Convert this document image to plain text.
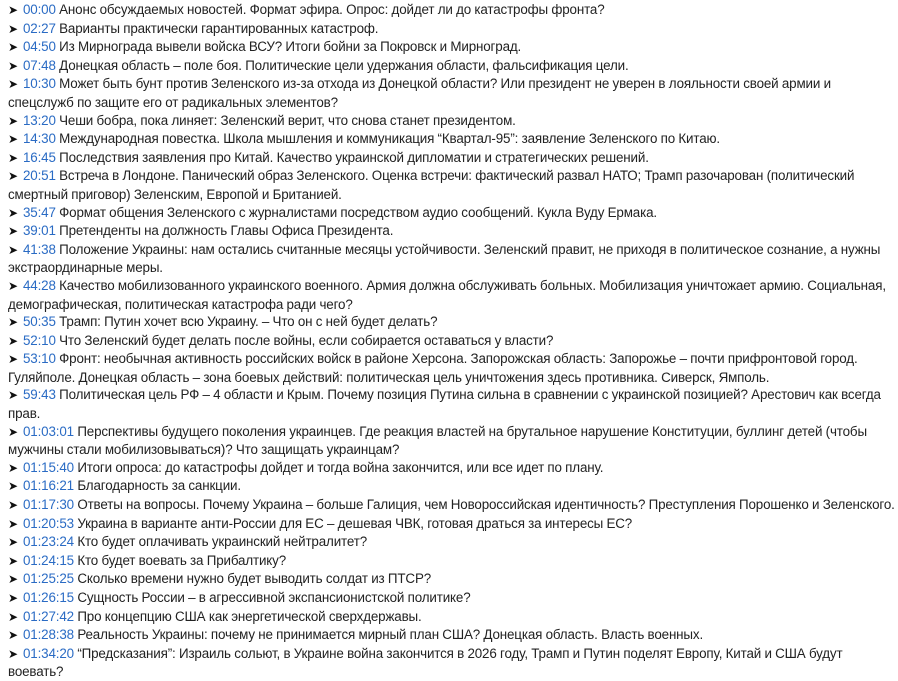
➤ 00:00 Анонс обсуждаемых новостей. Формат эфира. Опрос: дойдет ли до катастрофы фронта?

➤ 02:27 Варианты практически гарантированных катастроф.

➤ 04:50 Из Мирнограда вывели войска ВСУ? Итоги бойни за Покровск и Мирноград.

➤ 07:48 Донецкая область – поле боя. Политические цели удержания области, фальсификация цели.

➤ 10:30 Может быть бунт против Зеленского из-за отхода из Донецкой области? Или президент не уверен в лояльности своей армии и спецслужб по защите его от радикальных элементов?

➤ 13:20 Чеши бобра, пока линяет: Зеленский верит, что снова станет президентом.

➤ 14:30 Международная повестка. Школа мышления и коммуникация “Квартал-95”: заявление Зеленского по Китаю.

➤ 16:45 Последствия заявления про Китай. Качество украинской дипломатии и стратегических решений.

➤ 20:51 Встреча в Лондоне. Панический образ Зеленского. Оценка встречи: фактический развал НАТО; Трамп разочарован (политический смертный приговор) Зеленским, Европой и Британией.

➤ 35:47 Формат общения Зеленского с журналистами посредством аудио сообщений. Кукла Вуду Ермака.

➤ 39:01 Претенденты на должность Главы Офиса Президента.

➤ 41:38 Положение Украины: нам остались считанные месяцы устойчивости. Зеленский правит, не приходя в политическое сознание, а нужны экстраординарные меры.

➤ 44:28 Качество мобилизованного украинского военного. Армия должна обслуживать больных. Мобилизация уничтожает армию. Социальная, демографическая, политическая катастрофа ради чего?

➤ 50:35 Трамп: Путин хочет всю Украину. – Что он с ней будет делать?

➤ 52:10 Что Зеленский будет делать после войны, если собирается оставаться у власти?

➤ 53:10 Фронт: необычная активность российских войск в районе Херсона. Запорожская область: Запорожье – почти прифронтовой город. Гуляйполе. Донецкая область – зона боевых действий: политическая цель уничтожения здесь противника. Сиверск, Ямполь.

➤ 59:43 Политическая цель РФ – 4 области и Крым. Почему позиция Путина сильна в сравнении с украинской позицией? Арестович как всегда прав.

➤ 01:03:01 Перспективы будущего поколения украинцев. Где реакция властей на брутальное нарушение Конституции, буллинг детей (чтобы мужчины стали мобилизовываться)? Что защищать украинцам?

➤ 01:15:40 Итоги опроса: до катастрофы дойдет и тогда война закончится, или все идет по плану.

➤ 01:16:21 Благодарность за санкции.

➤ 01:17:30 Ответы на вопросы. Почему Украина – больше Галиция, чем Новороссийская идентичность? Преступления Порошенко и Зеленского.

➤ 01:20:53 Украина в варианте анти-России для ЕС – дешевая ЧВК, готовая драться за интересы ЕС?

➤ 01:23:24 Кто будет оплачивать украинский нейтралитет?

➤ 01:24:15 Кто будет воевать за Прибалтику?

➤ 01:25:25 Сколько времени нужно будет выводить солдат из ПТСР?

➤ 01:26:15 Сущность России – в агрессивной экспансионистской политике?

➤ 01:27:42 Про концепцию США как энергетической сверхдержавы.

➤ 01:28:38 Реальность Украины: почему не принимается мирный план США? Донецкая область. Власть военных.

➤ 01:34:20 “Предсказания”: Израиль сольют, в Украине война закончится в 2026 году, Трамп и Путин поделят Европу, Китай и США будут воевать?
